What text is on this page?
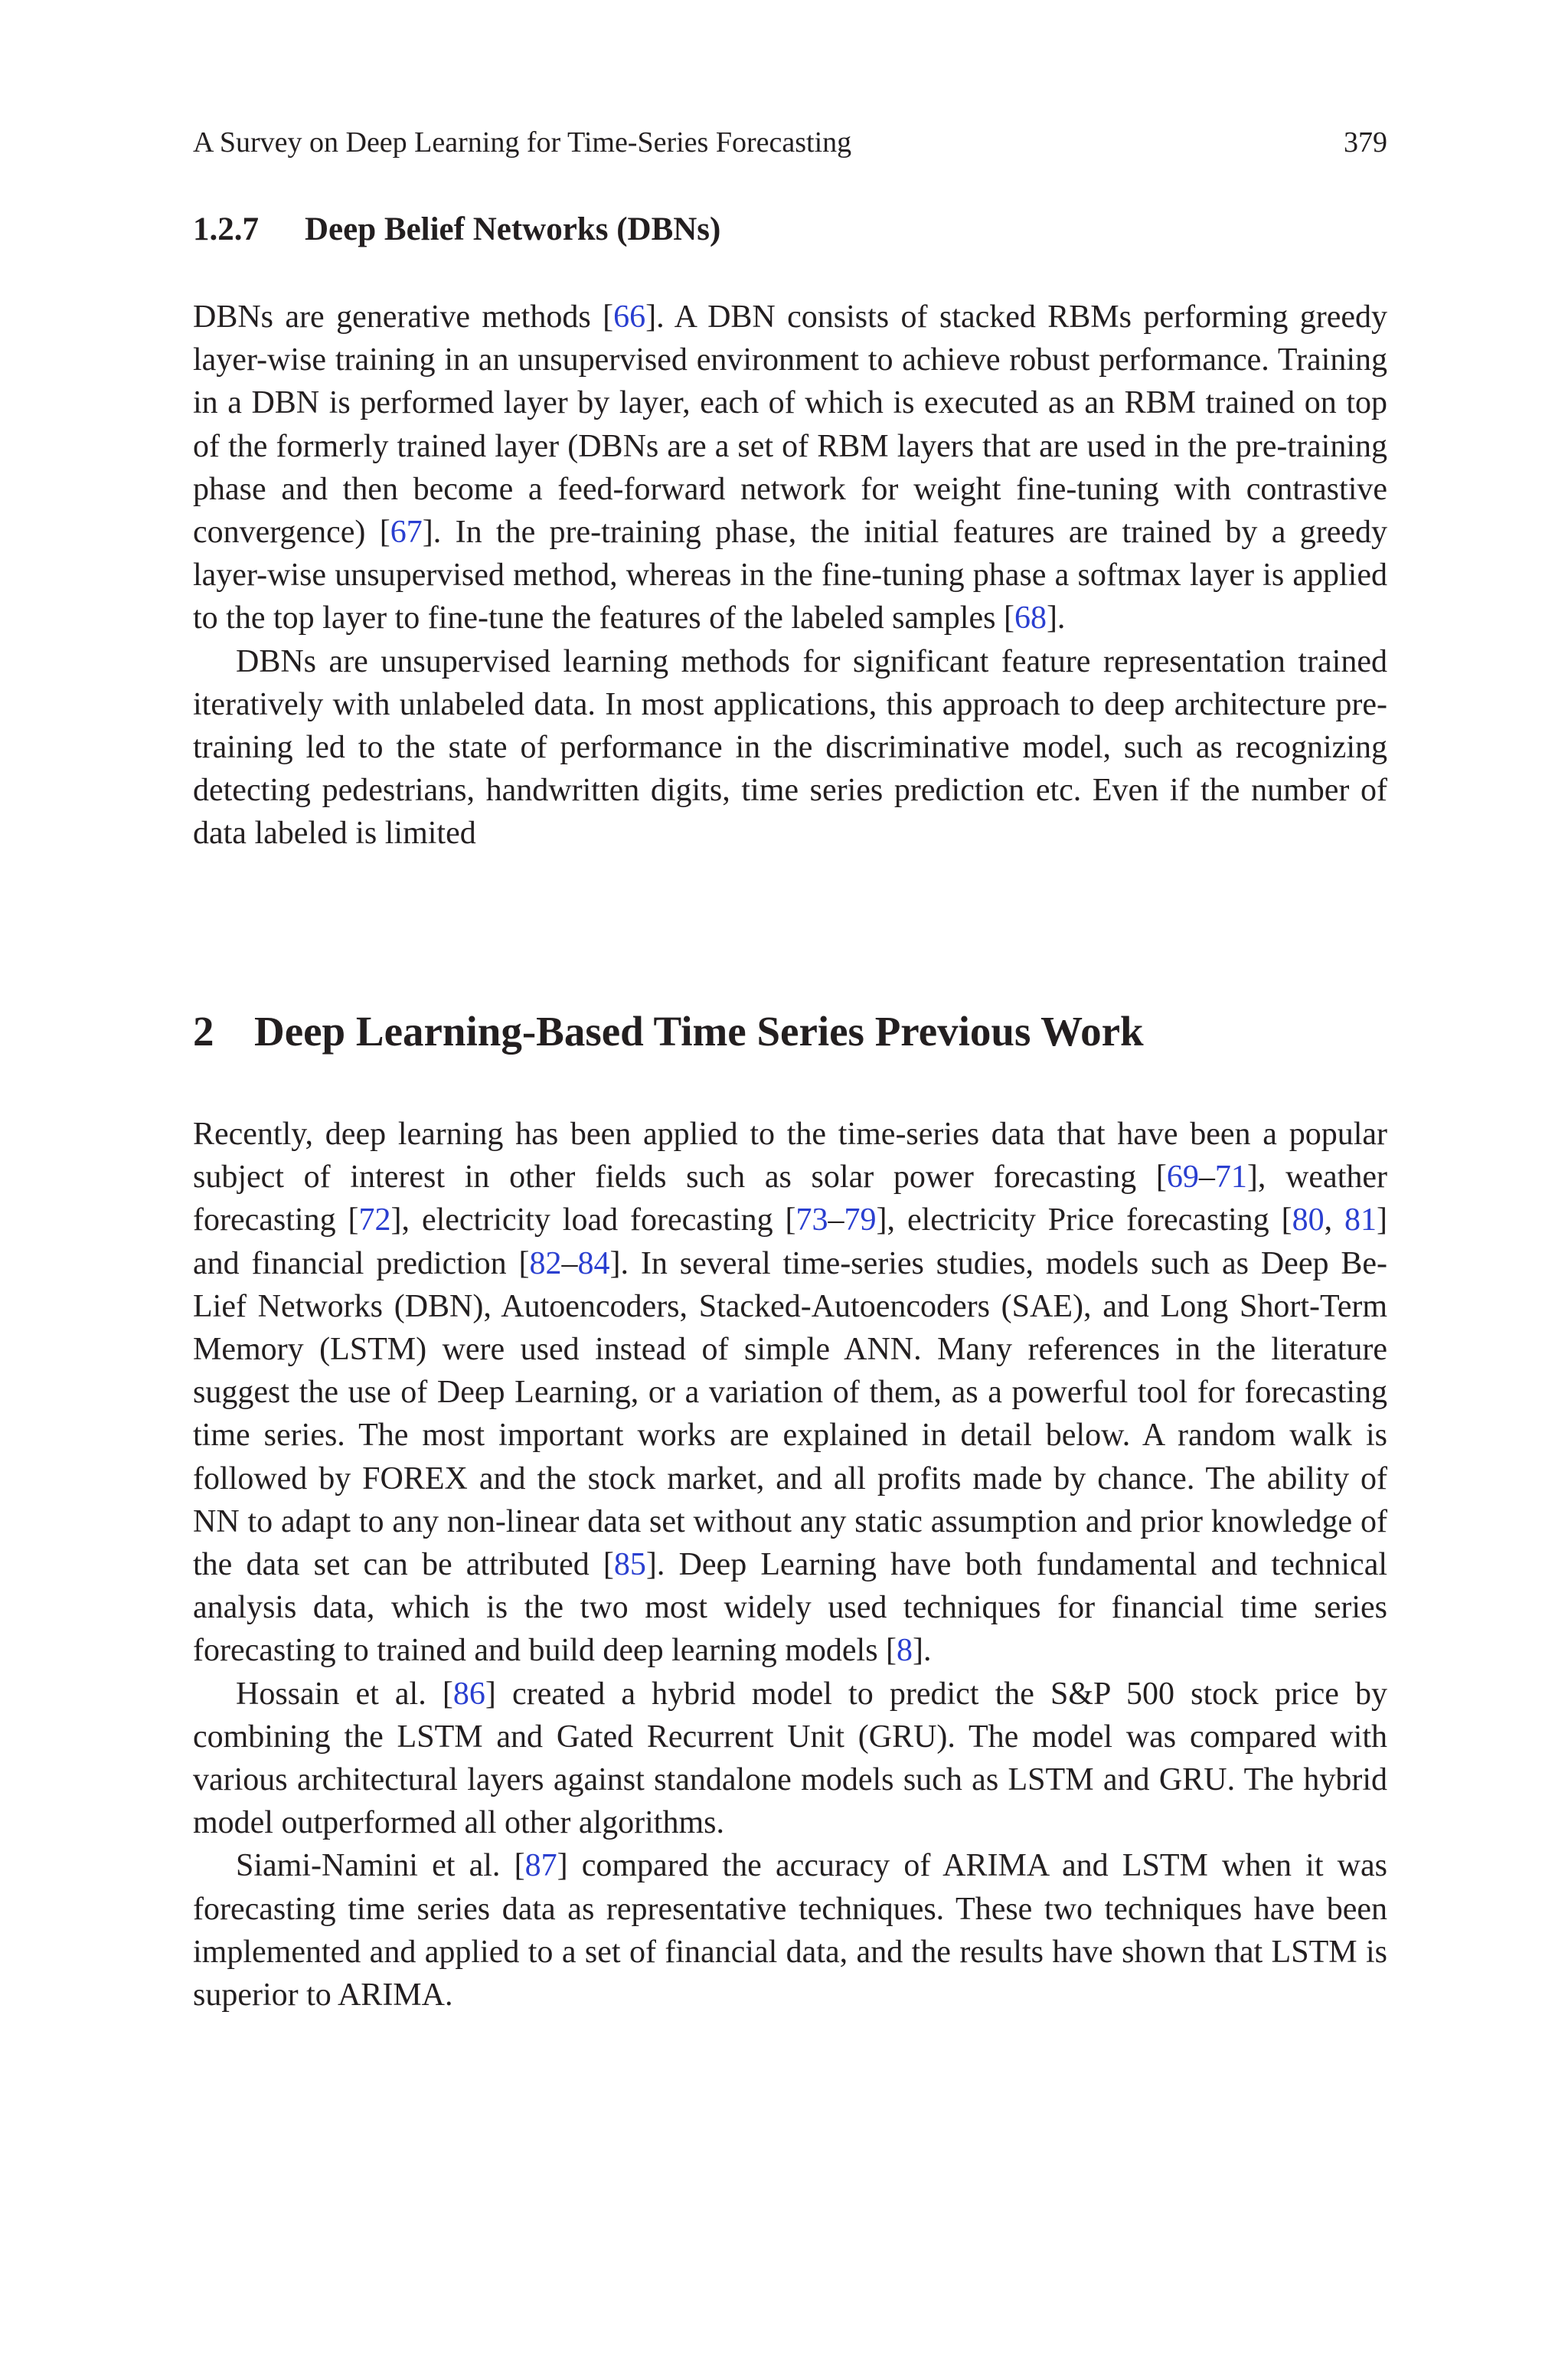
A Survey on Deep Learning for Time-Series Forecasting	379
1.2.7 Deep Belief Networks (DBNs)

DBNs are generative methods [66]. A DBN consists of stacked RBMs performing greedy layer-wise training in an unsupervised environment to achieve robust performance. Training in a DBN is performed layer by layer, each of which is executed as an RBM trained on top of the formerly trained layer (DBNs are a set of RBM layers that are used in the pre-training phase and then become a feed-forward network for weight fine-tuning with contrastive convergence) [67]. In the pre-training phase, the initial features are trained by a greedy layer-wise unsupervised method, whereas in the fine-tuning phase a softmax layer is applied to the top layer to fine-tune the features of the labeled samples [68].

DBNs are unsupervised learning methods for significant feature representation trained iteratively with unlabeled data. In most applications, this approach to deep architecture pre-training led to the state of performance in the discriminative model, such as recognizing detecting pedestrians, handwritten digits, time series prediction etc. Even if the number of data labeled is limited

2 Deep Learning-Based Time Series Previous Work

Recently, deep learning has been applied to the time-series data that have been a popular subject of interest in other fields such as solar power forecasting [69–71], weather forecasting [72], electricity load forecasting [73–79], electricity Price forecasting [80, 81] and financial prediction [82–84]. In several time-series studies, models such as Deep Be-Lief Networks (DBN), Autoencoders, Stacked-Autoencoders (SAE), and Long Short-Term Memory (LSTM) were used instead of simple ANN. Many references in the literature suggest the use of Deep Learning, or a variation of them, as a powerful tool for forecasting time series. The most important works are explained in detail below. A random walk is followed by FOREX and the stock market, and all profits made by chance. The ability of NN to adapt to any non-linear data set without any static assumption and prior knowledge of the data set can be attributed [85]. Deep Learning have both fundamental and technical analysis data, which is the two most widely used techniques for financial time series forecasting to trained and build deep learning models [8].

Hossain et al. [86] created a hybrid model to predict the S&P 500 stock price by combining the LSTM and Gated Recurrent Unit (GRU). The model was compared with various architectural layers against standalone models such as LSTM and GRU. The hybrid model outperformed all other algorithms.

Siami-Namini et al. [87] compared the accuracy of ARIMA and LSTM when it was forecasting time series data as representative techniques. These two techniques have been implemented and applied to a set of financial data, and the results have shown that LSTM is superior to ARIMA.
